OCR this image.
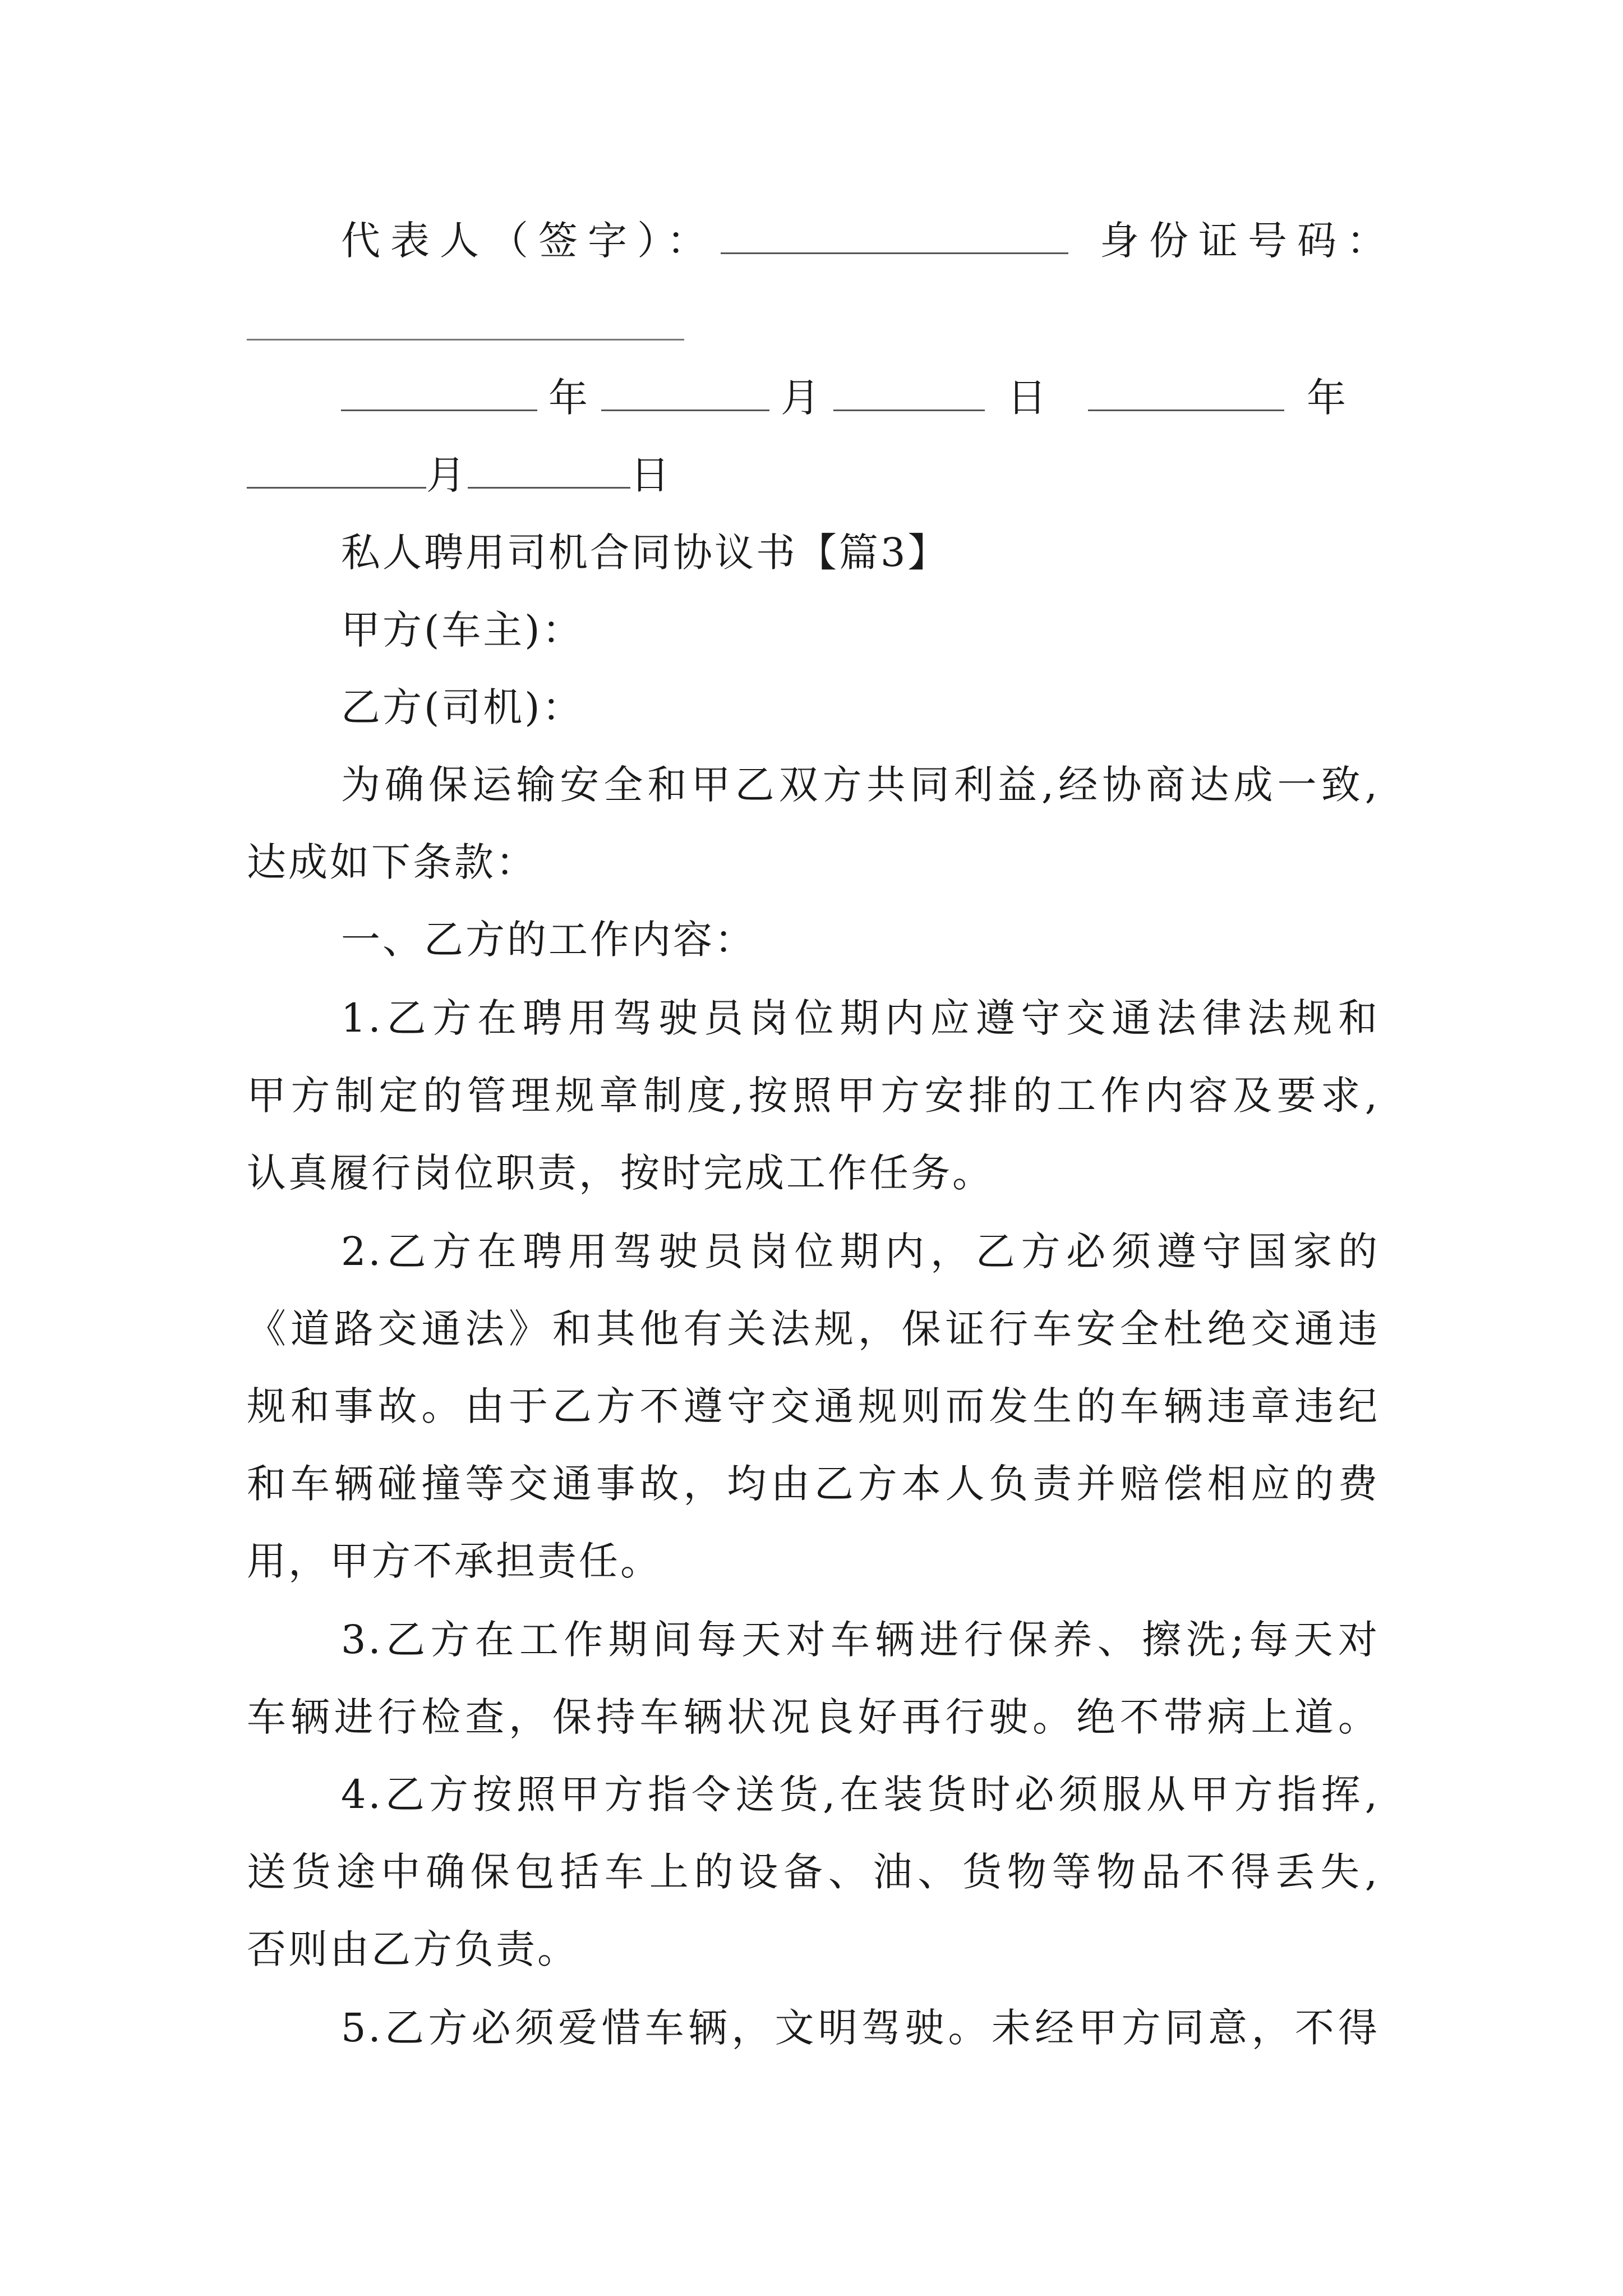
代表人（签字）：	身份证号码：
年	月	日	年
月	日
私人聘用司机合同协议书【篇3】
甲方(车主)：
乙方(司机)：
为确保运输安全和甲乙双方共同利益,经协商达成一致,
达成如下条款：
一、乙方的工作内容：
1.乙方在聘用驾驶员岗位期内应遵守交通法律法规和
甲方制定的管理规章制度,按照甲方安排的工作内容及要求,
认真履行岗位职责，按时完成工作任务。
2.乙方在聘用驾驶员岗位期内，乙方必须遵守国家的
《道路交通法》和其他有关法规，保证行车安全杜绝交通违
规和事故。由于乙方不遵守交通规则而发生的车辆违章违纪
和车辆碰撞等交通事故，均由乙方本人负责并赔偿相应的费
用，甲方不承担责任。
3.乙方在工作期间每天对车辆进行保养、擦洗;每天对
车辆进行检查，保持车辆状况良好再行驶。绝不带病上道。
4.乙方按照甲方指令送货,在装货时必须服从甲方指挥,
送货途中确保包括车上的设备、油、货物等物品不得丢失,
否则由乙方负责。
5.乙方必须爱惜车辆，文明驾驶。未经甲方同意，不得
